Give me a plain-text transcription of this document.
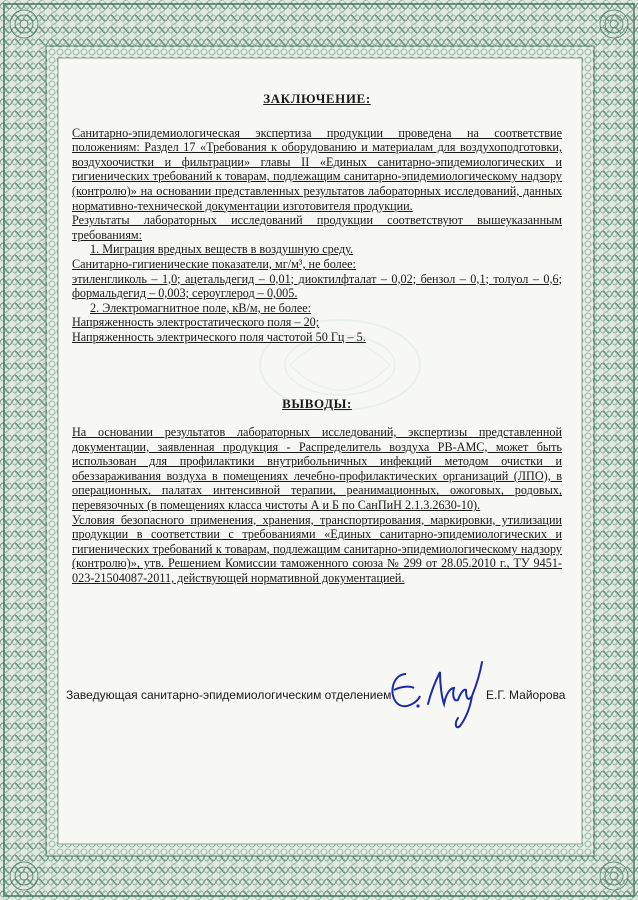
ЗАКЛЮЧЕНИЕ:

Санитарно-эпидемиологическая экспертиза продукции проведена на соответствие положениям: Раздел 17 «Требования к оборудованию и материалам для воздухоподготовки, воздухоочистки и фильтрации» главы II «Единых санитарно-эпидемиологических и гигиенических требований к товарам, подлежащим санитарно-эпидемиологическому надзору (контролю)» на основании представленных результатов лабораторных исследований, данных нормативно-технической документации изготовителя продукции.

Результаты лабораторных исследований продукции соответствуют вышеуказанным требованиям:

1. Миграция вредных веществ в воздушную среду.

Санитарно-гигиенические показатели, мг/м³, не более:

этиленгликоль – 1,0; ацетальдегид – 0,01; диоктилфталат – 0,02; бензол – 0,1; толуол – 0,6; формальдегид – 0,003; сероуглерод – 0,005.

2. Электромагнитное поле, кВ/м, не более:

Напряженность электростатического поля – 20;

Напряженность электрического поля частотой 50 Гц – 5.

ВЫВОДЫ:

На основании результатов лабораторных исследований, экспертизы представленной документации, заявленная продукция - Распределитель воздуха РВ-АМС, может быть использован для профилактики внутрибольничных инфекций методом очистки и обеззараживания воздуха в помещениях лечебно-профилактических организаций (ЛПО), в операционных, палатах интенсивной терапии, реанимационных, ожоговых, родовых, перевязочных (в помещениях класса чистоты А и Б по СанПиН 2.1.3.2630-10).

Условия безопасного применения, хранения, транспортирования, маркировки, утилизации продукции в соответствии с требованиями «Единых санитарно-эпидемиологических и гигиенических требований к товарам, подлежащим санитарно-эпидемиологическому надзору (контролю)», утв. Решением Комиссии таможенного союза № 299 от 28.05.2010 г., ТУ 9451-023-21504087-2011, действующей нормативной документацией.

Заведующая санитарно-эпидемиологическим отделением	Е.Г. Майорова
